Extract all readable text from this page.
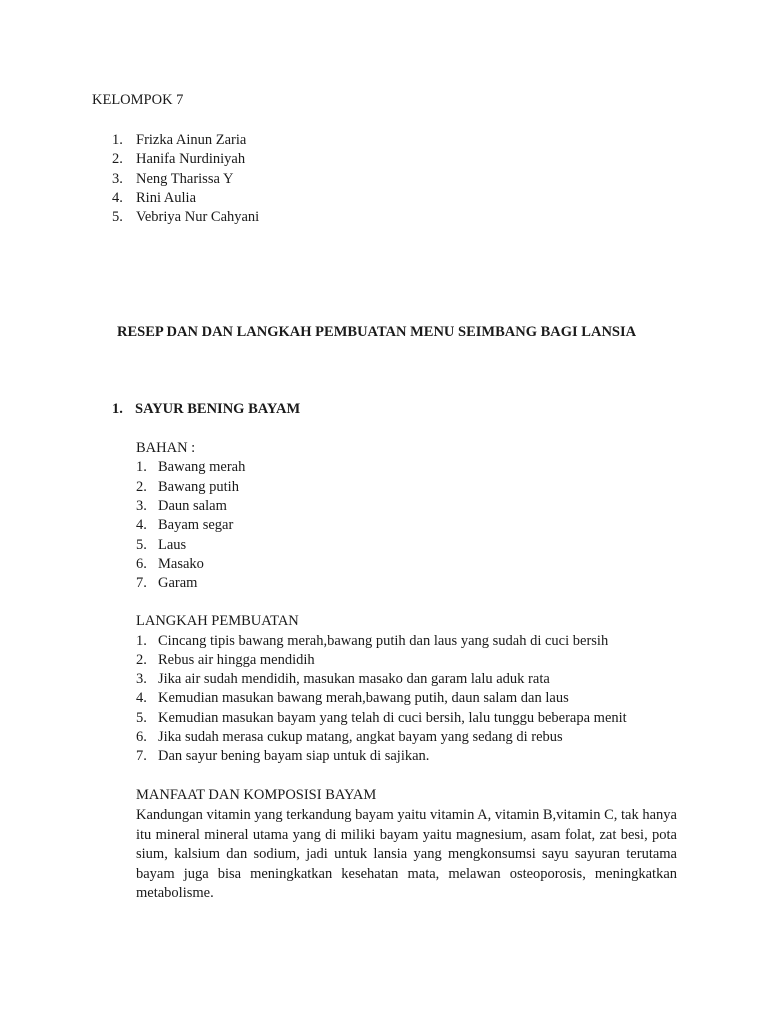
KELOMPOK 7
1. Frizka Ainun Zaria
2. Hanifa Nurdiniyah
3. Neng Tharissa Y
4. Rini Aulia
5. Vebriya Nur Cahyani
RESEP DAN DAN LANGKAH PEMBUATAN MENU SEIMBANG BAGI LANSIA
1. SAYUR BENING BAYAM
BAHAN :
1. Bawang merah
2. Bawang putih
3. Daun salam
4. Bayam segar
5. Laus
6. Masako
7. Garam
LANGKAH PEMBUATAN
1. Cincang tipis bawang merah,bawang putih dan laus yang sudah di cuci bersih
2. Rebus air hingga mendidih
3. Jika air sudah mendidih, masukan masako dan garam lalu aduk rata
4. Kemudian masukan bawang merah,bawang putih, daun salam dan laus
5. Kemudian masukan bayam yang telah di cuci bersih, lalu tunggu beberapa menit
6. Jika sudah merasa cukup matang, angkat bayam yang sedang di rebus
7. Dan sayur bening bayam siap untuk di sajikan.
MANFAAT DAN KOMPOSISI BAYAM
Kandungan vitamin yang terkandung bayam yaitu vitamin A, vitamin B,vitamin C, tak hanya itu mineral mineral utama yang di miliki bayam yaitu magnesium, asam folat, zat besi, pota sium, kalsium dan sodium, jadi untuk lansia yang mengkonsumsi sayu sayuran terutama bayam juga bisa meningkatkan kesehatan mata, melawan osteoporosis, meningkatkan metabolisme.
